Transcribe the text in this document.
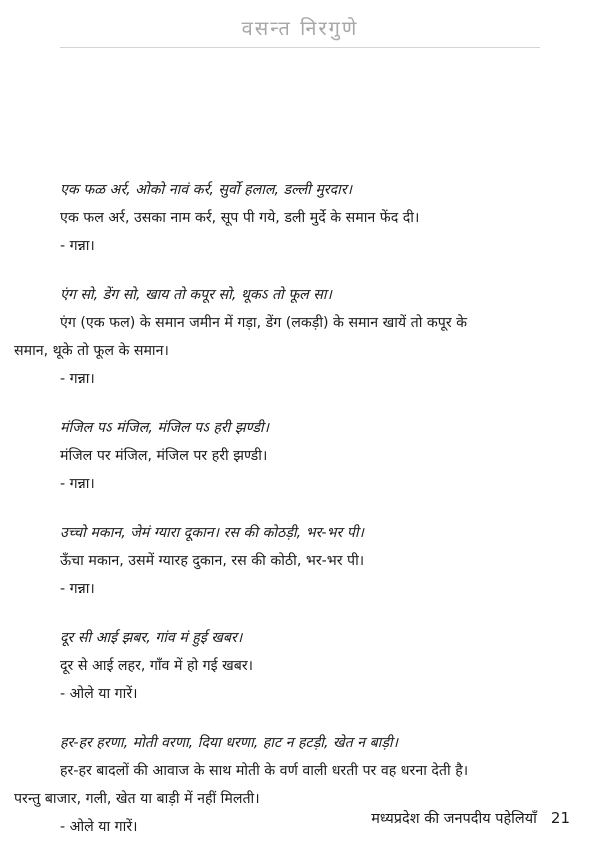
वसन्त निरगुणे
एक फळ अर्र, ओको नावं कर्र, सुर्वो हलाल, डल्ली मुरदार।
एक फल अर्र, उसका नाम कर्र, सूप पी गये, डली मुर्दे के समान फेंद दी।
- गन्ना।
एंग सो, डेंग सो, खाय तो कपूर सो, थूकऽ तो फूल सा।
एंग (एक फल) के समान जमीन में गड़ा, डेंग (लकड़ी) के समान खायें तो कपूर के
समान, थूके तो फूल के समान।
- गन्ना।
मंजिल पऽ मंजिल, मंजिल पऽ हरी झण्डी।
मंजिल पर मंजिल, मंजिल पर हरी झण्डी।
- गन्ना।
उच्चो मकान, जेमं ग्यारा दूकान। रस की कोठड़ी, भर-भर पी।
ऊँचा मकान, उसमें ग्यारह दुकान, रस की कोठी, भर-भर पी।
- गन्ना।
दूर सी आई झबर, गांव मं हुई खबर।
दूर से आई लहर, गाँव में हो गई खबर।
- ओले या गारें।
हर-हर हरणा, मोती वरणा, दिया धरणा, हाट न हटड़ी, खेत न बाड़ी।
हर-हर बादलों की आवाज के साथ मोती के वर्ण वाली धरती पर वह धरना देती है।
परन्तु बाजार, गली, खेत या बाड़ी में नहीं मिलती।
- ओले या गारें।	मध्यप्रदेश की जनपदीय पहेलियाँ 21
